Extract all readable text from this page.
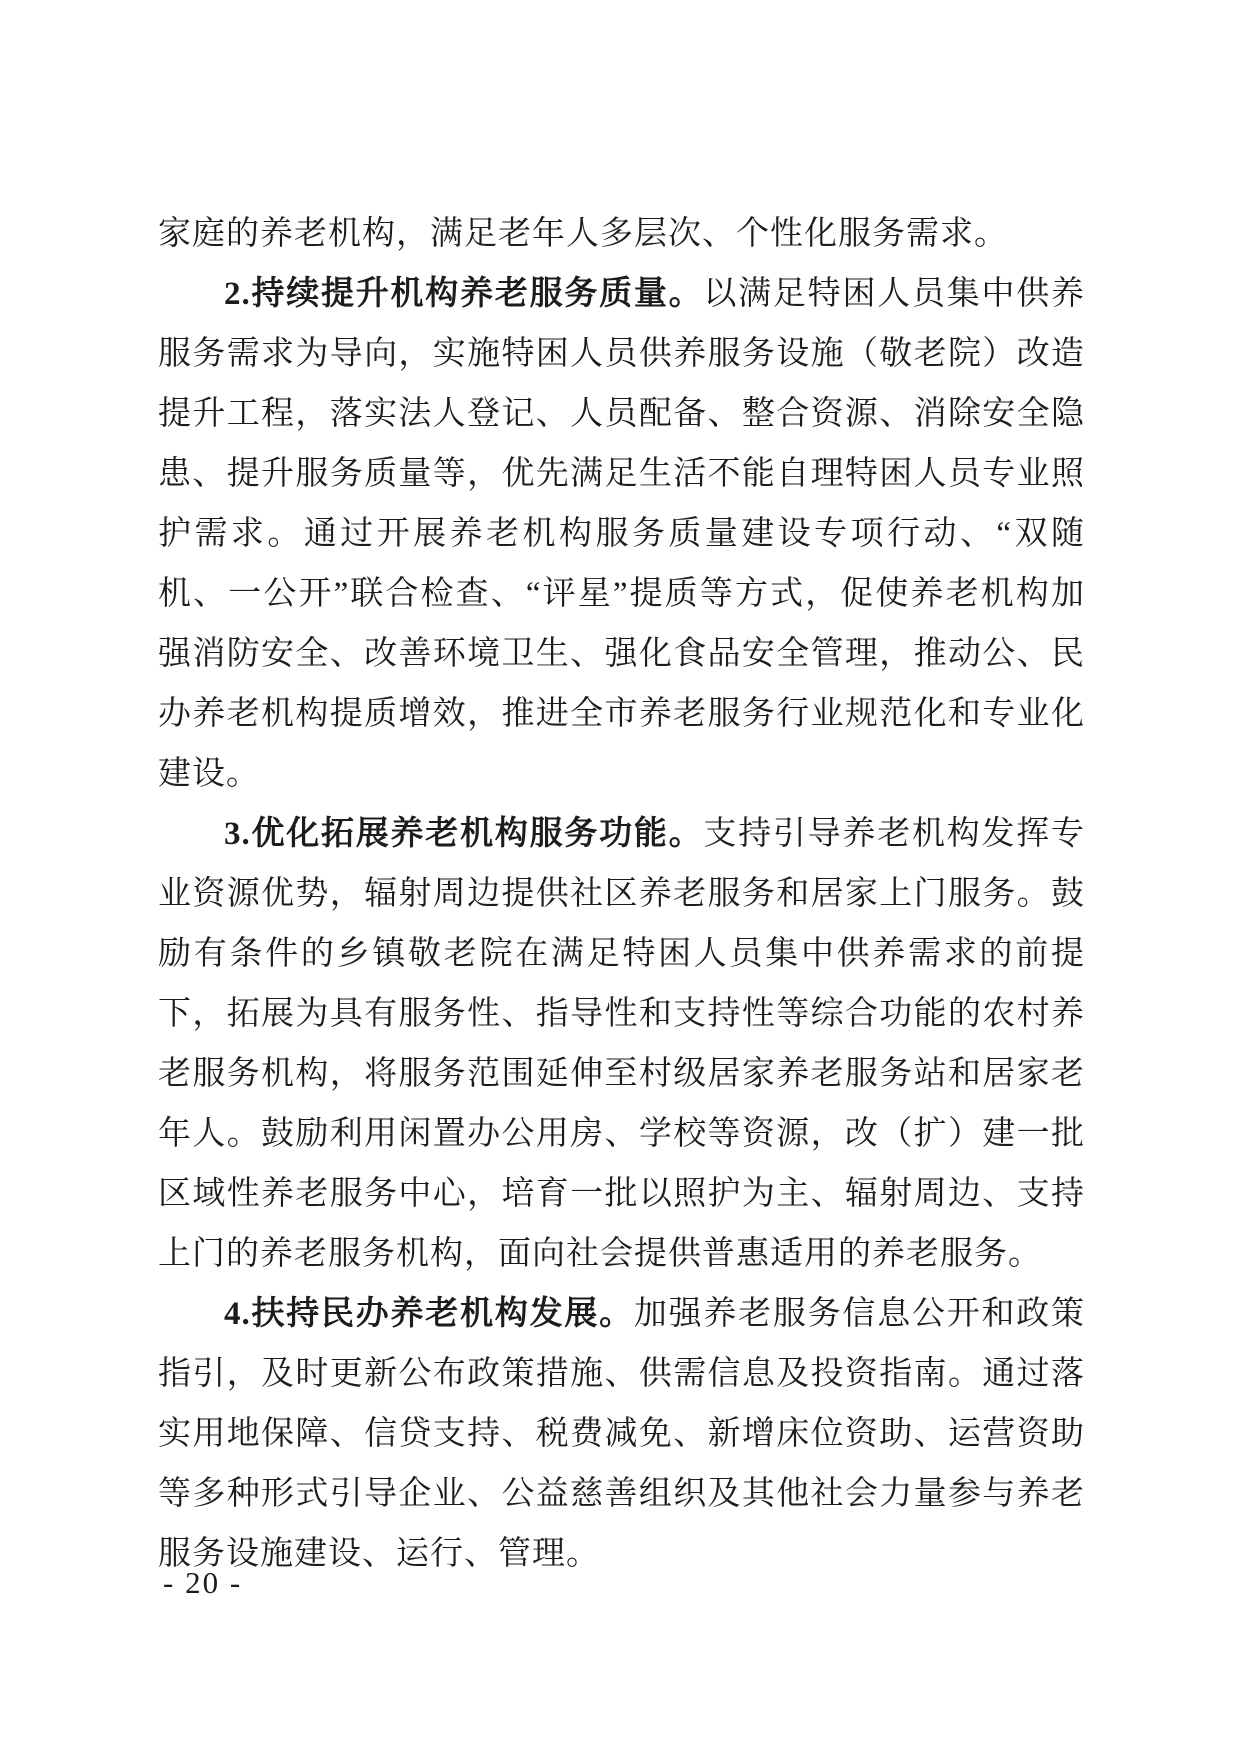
家庭的养老机构，满足老年人多层次、个性化服务需求。

2.持续提升机构养老服务质量。以满足特困人员集中供养服务需求为导向，实施特困人员供养服务设施（敬老院）改造提升工程，落实法人登记、人员配备、整合资源、消除安全隐患、提升服务质量等，优先满足生活不能自理特困人员专业照护需求。通过开展养老机构服务质量建设专项行动、“双随机、一公开”联合检查、“评星”提质等方式，促使养老机构加强消防安全、改善环境卫生、强化食品安全管理，推动公、民办养老机构提质增效，推进全市养老服务行业规范化和专业化建设。

3.优化拓展养老机构服务功能。支持引导养老机构发挥专业资源优势，辐射周边提供社区养老服务和居家上门服务。鼓励有条件的乡镇敬老院在满足特困人员集中供养需求的前提下，拓展为具有服务性、指导性和支持性等综合功能的农村养老服务机构，将服务范围延伸至村级居家养老服务站和居家老年人。鼓励利用闲置办公用房、学校等资源，改（扩）建一批区域性养老服务中心，培育一批以照护为主、辐射周边、支持上门的养老服务机构，面向社会提供普惠适用的养老服务。

4.扶持民办养老机构发展。加强养老服务信息公开和政策指引，及时更新公布政策措施、供需信息及投资指南。通过落实用地保障、信贷支持、税费减免、新增床位资助、运营资助等多种形式引导企业、公益慈善组织及其他社会力量参与养老服务设施建设、运行、管理。

- 20 -
